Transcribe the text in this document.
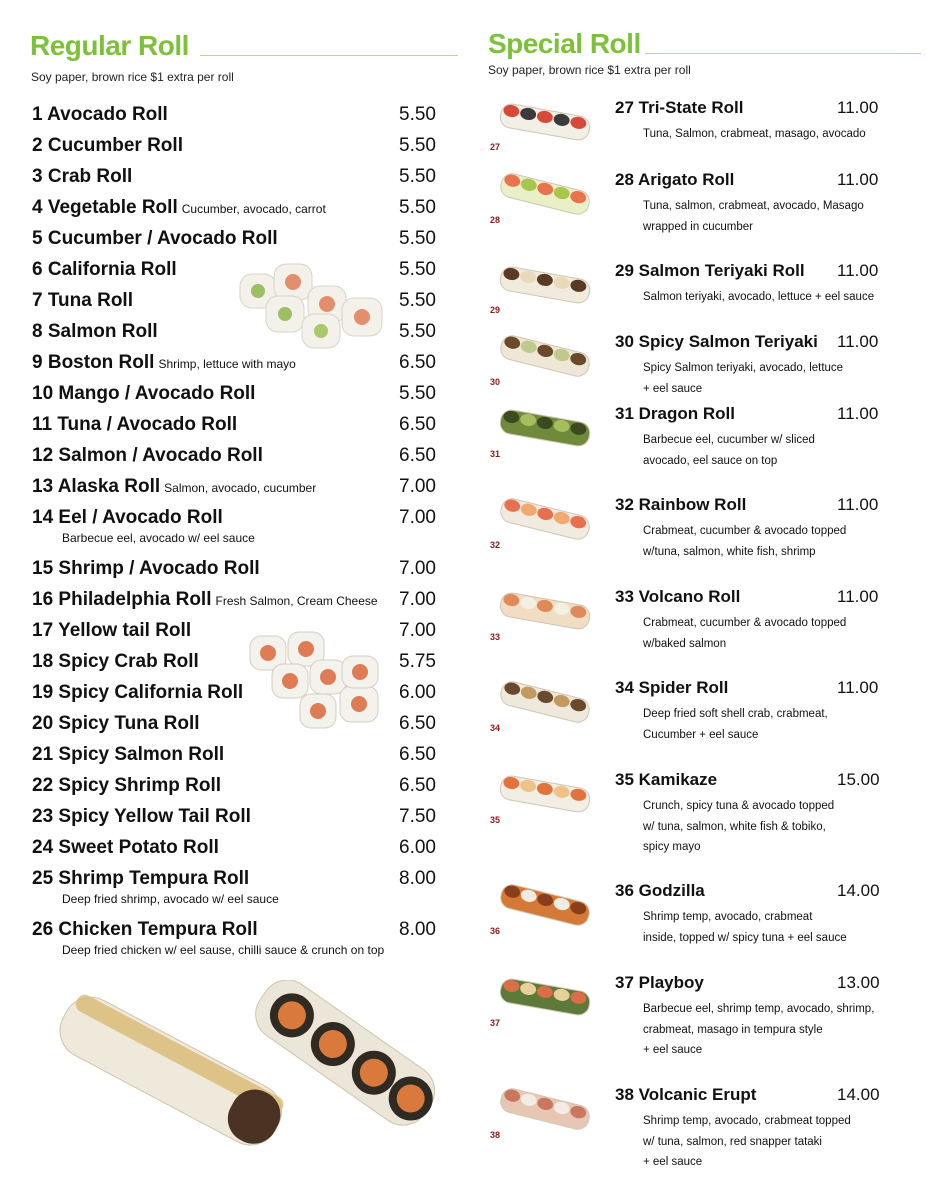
Regular Roll
Soy paper, brown rice $1 extra per roll
Special Roll
Soy paper, brown rice $1 extra per roll
1 Avocado Roll	5.50
2 Cucumber Roll	5.50
3 Crab Roll	5.50
4 Vegetable Roll Cucumber, avocado, carrot	5.50
5 Cucumber / Avocado Roll	5.50
6 California Roll	5.50
7 Tuna Roll	5.50
8 Salmon Roll	5.50
9 Boston Roll Shrimp, lettuce with mayo	6.50
10 Mango / Avocado Roll	5.50
11 Tuna / Avocado Roll	6.50
12 Salmon / Avocado Roll	6.50
13 Alaska Roll Salmon, avocado, cucumber	7.00
14 Eel / Avocado Roll	7.00
Barbecue eel, avocado w/ eel sauce
15 Shrimp / Avocado Roll	7.00
16 Philadelphia Roll Fresh Salmon, Cream Cheese 7.00
17 Yellow tail Roll	7.00
18 Spicy Crab Roll	5.75
19 Spicy California Roll	6.00
20 Spicy Tuna Roll	6.50
21 Spicy Salmon Roll	6.50
22 Spicy Shrimp Roll	6.50
23 Spicy Yellow Tail Roll	7.50
24 Sweet Potato Roll	6.00
25 Shrimp Tempura Roll	8.00
Deep fried shrimp, avocado w/ eel sauce
26 Chicken Tempura Roll	8.00
Deep fried chicken w/ eel sause, chilli sauce & crunch on top
27
27 Tri-State Roll	11.00
Tuna, Salmon, crabmeat, masago, avocado
28
28 Arigato Roll	11.00
Tuna, salmon, crabmeat, avocado, Masago
wrapped in cucumber
29
29 Salmon Teriyaki Roll 11.00
Salmon teriyaki, avocado, lettuce + eel sauce
30
30 Spicy Salmon Teriyaki 11.00
Spicy Salmon teriyaki, avocado, lettuce
+ eel sauce
31
31 Dragon Roll	11.00
Barbecue eel, cucumber w/ sliced
avocado, eel sauce on top
32
32 Rainbow Roll	11.00
Crabmeat, cucumber & avocado topped
w/tuna, salmon, white fish, shrimp
33
33 Volcano Roll	11.00
Crabmeat, cucumber & avocado topped
w/baked salmon
34
34 Spider Roll	11.00
Deep fried soft shell crab, crabmeat,
Cucumber + eel sauce
35
35 Kamikaze	15.00
Crunch, spicy tuna & avocado topped
w/ tuna, salmon, white fish & tobiko,
spicy mayo
36
36 Godzilla	14.00
Shrimp temp, avocado, crabmeat
inside, topped w/ spicy tuna + eel sauce
37
37 Playboy	13.00
Barbecue eel, shrimp temp, avocado, shrimp,
crabmeat, masago in tempura style
+ eel sauce
38
38 Volcanic Erupt	14.00
Shrimp temp, avocado, crabmeat topped
w/ tuna, salmon, red snapper tataki
+ eel sauce
